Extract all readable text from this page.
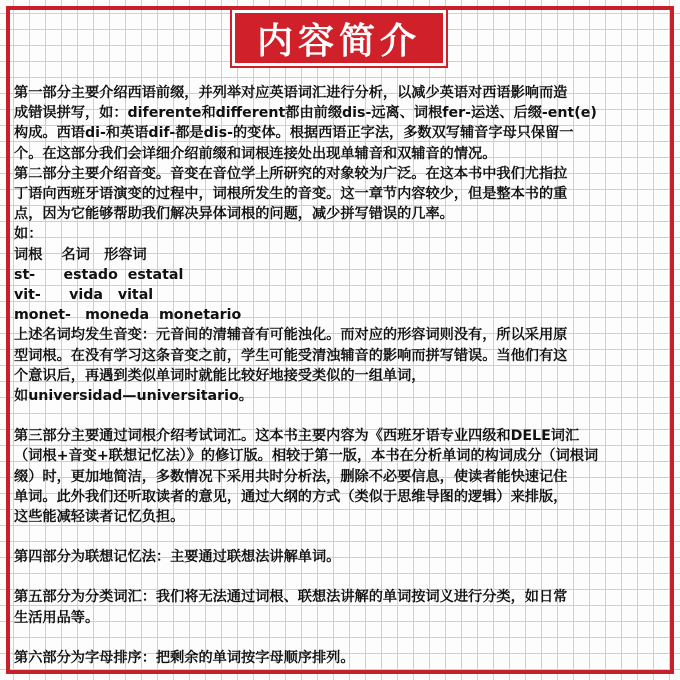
内容简介

第一部分主要介绍西语前缀，并列举对应英语词汇进行分析，以减少英语对西语影响而造

成错误拼写，如：diferente和different都由前缀dis-远离、词根fer-运送、后缀-ent(e)

构成。西语di-和英语dif-都是dis-的变体。根据西语正字法，多数双写辅音字母只保留一

个。在这部分我们会详细介绍前缀和词根连接处出现单辅音和双辅音的情况。

第二部分主要介绍音变。音变在音位学上所研究的对象较为广泛。在这本书中我们尤指拉

丁语向西班牙语演变的过程中，词根所发生的音变。这一章节内容较少，但是整本书的重

点，因为它能够帮助我们解决异体词根的问题，减少拼写错误的几率。

如：

词根　 名词　形容词

st-　　estado  estatal

vit-　　vida   vital

monet-　moneda  monetario

上述名词均发生音变：元音间的清辅音有可能浊化。而对应的形容词则没有，所以采用原

型词根。在没有学习这条音变之前，学生可能受清浊辅音的影响而拼写错误。当他们有这

个意识后，再遇到类似单词时就能比较好地接受类似的一组单词，

如universidad—universitario。

第三部分主要通过词根介绍考试词汇。这本书主要内容为《西班牙语专业四级和DELE词汇

（词根+音变+联想记忆法）》的修订版。相较于第一版，本书在分析单词的构词成分（词根词

缀）时，更加地简洁，多数情况下采用共时分析法，删除不必要信息，使读者能快速记住

单词。此外我们还听取读者的意见，通过大纲的方式（类似于思维导图的逻辑）来排版，

这些能减轻读者记忆负担。

第四部分为联想记忆法：主要通过联想法讲解单词。

第五部分为分类词汇：我们将无法通过词根、联想法讲解的单词按词义进行分类，如日常

生活用品等。

第六部分为字母排序：把剩余的单词按字母顺序排列。
